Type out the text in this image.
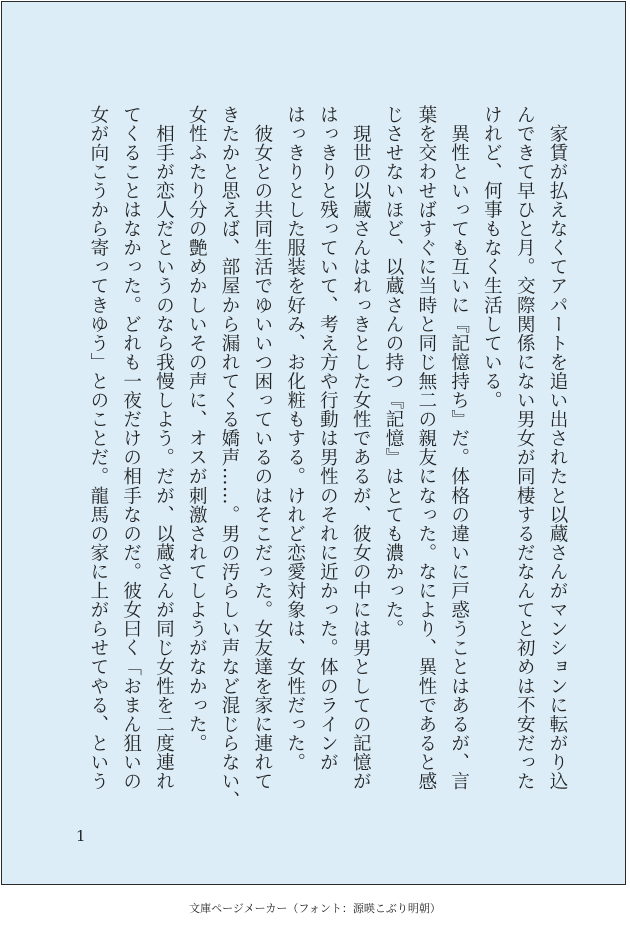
　家賃が払えなくてアパートを追い出されたと以蔵さんがマンションに転がり込
んできて早ひと月。交際関係にない男女が同棲するだなんてと初めは不安だった
けれど、何事もなく生活している。
　異性といっても互いに『記憶持ち』だ。体格の違いに戸惑うことはあるが、言
葉を交わせばすぐに当時と同じ無二の親友になった。なにより、異性であると感
じさせないほど、以蔵さんの持つ『記憶』はとても濃かった。
　現世の以蔵さんはれっきとした女性であるが、彼女の中には男としての記憶が
はっきりと残っていて、考え方や行動は男性のそれに近かった。体のラインが
はっきりとした服装を好み、お化粧もする。けれど恋愛対象は、女性だった。
　彼女との共同生活でゆいいつ困っているのはそこだった。女友達を家に連れて
きたかと思えば、部屋から漏れてくる嬌声……。男の汚らしい声など混じらない、
女性ふたり分の艶めかしいその声に、オスが刺激されてしようがなかった。
　相手が恋人だというのなら我慢しよう。だが、以蔵さんが同じ女性を二度連れ
てくることはなかった。どれも一夜だけの相手なのだ。彼女曰く「おまん狙いの
女が向こうから寄ってきゆう」とのことだ。龍馬の家に上がらせてやる、という
1
文庫ページメーカー（フォント：源暎こぶり明朝）
